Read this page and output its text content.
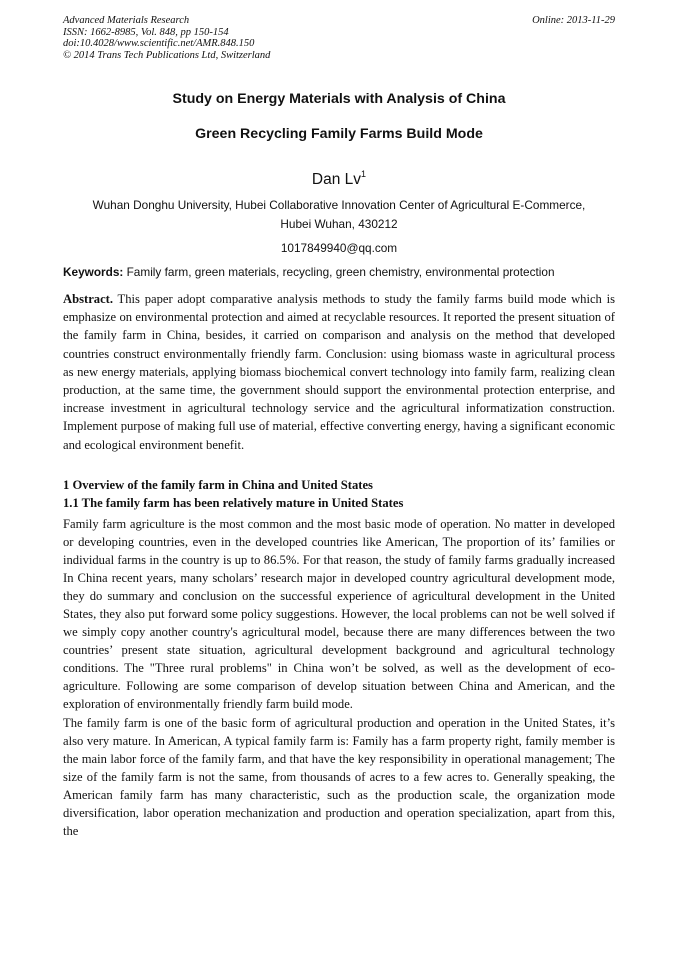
Advanced Materials Research
ISSN: 1662-8985, Vol. 848, pp 150-154
doi:10.4028/www.scientific.net/AMR.848.150
© 2014 Trans Tech Publications Ltd, Switzerland
Online: 2013-11-29
Study on Energy Materials with Analysis of China
Green Recycling Family Farms Build Mode
Dan Lv$^1$
Wuhan Donghu University, Hubei Collaborative Innovation Center of Agricultural E-Commerce,
Hubei Wuhan, 430212
1017849940@qq.com
Keywords: Family farm, green materials, recycling, green chemistry, environmental protection
Abstract. This paper adopt comparative analysis methods to study the family farms build mode which is emphasize on environmental protection and aimed at recyclable resources. It reported the present situation of the family farm in China, besides, it carried on comparison and analysis on the method that developed countries construct environmentally friendly farm. Conclusion: using biomass waste in agricultural process as new energy materials, applying biomass biochemical convert technology into family farm, realizing clean production, at the same time, the government should support the environmental protection enterprise, and increase investment in agricultural technology service and the agricultural informatization construction. Implement purpose of making full use of material, effective converting energy, having a significant economic and ecological environment benefit.
1 Overview of the family farm in China and United States
1.1 The family farm has been relatively mature in United States

Family farm agriculture is the most common and the most basic mode of operation. No matter in developed or developing countries, even in the developed countries like American, The proportion of its’ families or individual farms in the country is up to 86.5%. For that reason, the study of family farms gradually increased In China recent years, many scholars’ research major in developed country agricultural development mode, they do summary and conclusion on the successful experience of agricultural development in the United States, they also put forward some policy suggestions. However, the local problems can not be well solved if we simply copy another country's agricultural model, because there are many differences between the two countries’ present state situation, agricultural development background and agricultural technology conditions. The "Three rural problems" in China won’t be solved, as well as the development of eco-agriculture. Following are some comparison of develop situation between China and American, and the exploration of environmentally friendly farm build mode.

The family farm is one of the basic form of agricultural production and operation in the United States, it’s also very mature. In American, A typical family farm is: Family has a farm property right, family member is the main labor force of the family farm, and that have the key responsibility in operational management; The size of the family farm is not the same, from thousands of acres to a few acres to. Generally speaking, the American family farm has many characteristic, such as the production scale, the organization mode diversification, labor operation mechanization and production and operation specialization, apart from this, the
